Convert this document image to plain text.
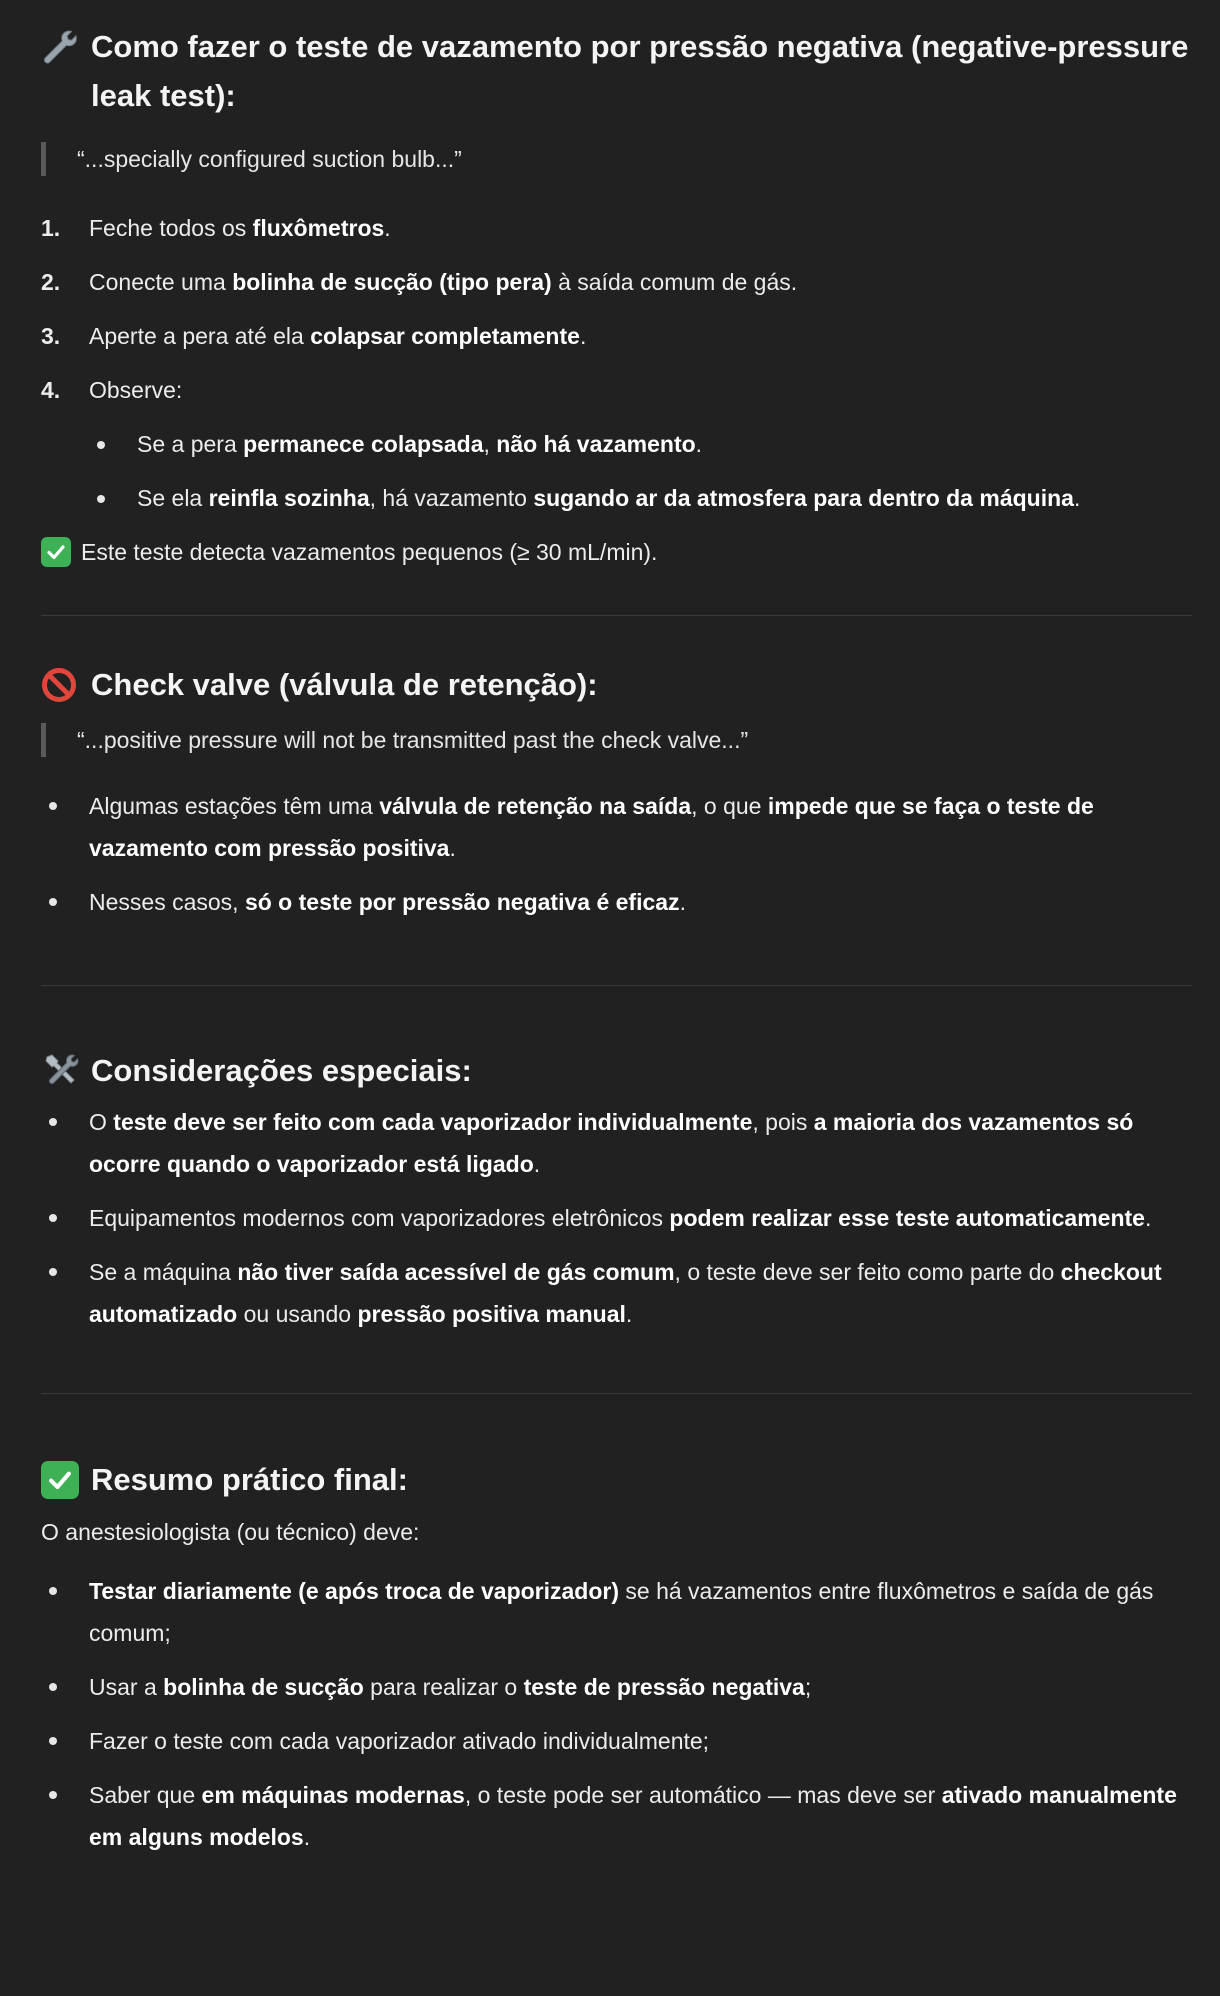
Como fazer o teste de vazamento por pressão negativa (negative-pressure leak test):
“...specially configured suction bulb...”
1.	Feche todos os fluxômetros.
2.	Conecte uma bolinha de sucção (tipo pera) à saída comum de gás.
3.	Aperte a pera até ela colapsar completamente.
4.	Observe:
Se a pera permanece colapsada, não há vazamento.
Se ela reinfla sozinha, há vazamento sugando ar da atmosfera para dentro da máquina.
Este teste detecta vazamentos pequenos (≥ 30 mL/min).
Check valve (válvula de retenção):
“...positive pressure will not be transmitted past the check valve...”
Algumas estações têm uma válvula de retenção na saída, o que impede que se faça o teste de vazamento com pressão positiva.
Nesses casos, só o teste por pressão negativa é eficaz.
Considerações especiais:
O teste deve ser feito com cada vaporizador individualmente, pois a maioria dos vazamentos só ocorre quando o vaporizador está ligado.
Equipamentos modernos com vaporizadores eletrônicos podem realizar esse teste automaticamente.
Se a máquina não tiver saída acessível de gás comum, o teste deve ser feito como parte do checkout automatizado ou usando pressão positiva manual.
Resumo prático final:

O anestesiologista (ou técnico) deve:

Testar diariamente (e após troca de vaporizador) se há vazamentos entre fluxômetros e saída de gás comum;
Usar a bolinha de sucção para realizar o teste de pressão negativa;
Fazer o teste com cada vaporizador ativado individualmente;
Saber que em máquinas modernas, o teste pode ser automático — mas deve ser ativado manualmente em alguns modelos.
